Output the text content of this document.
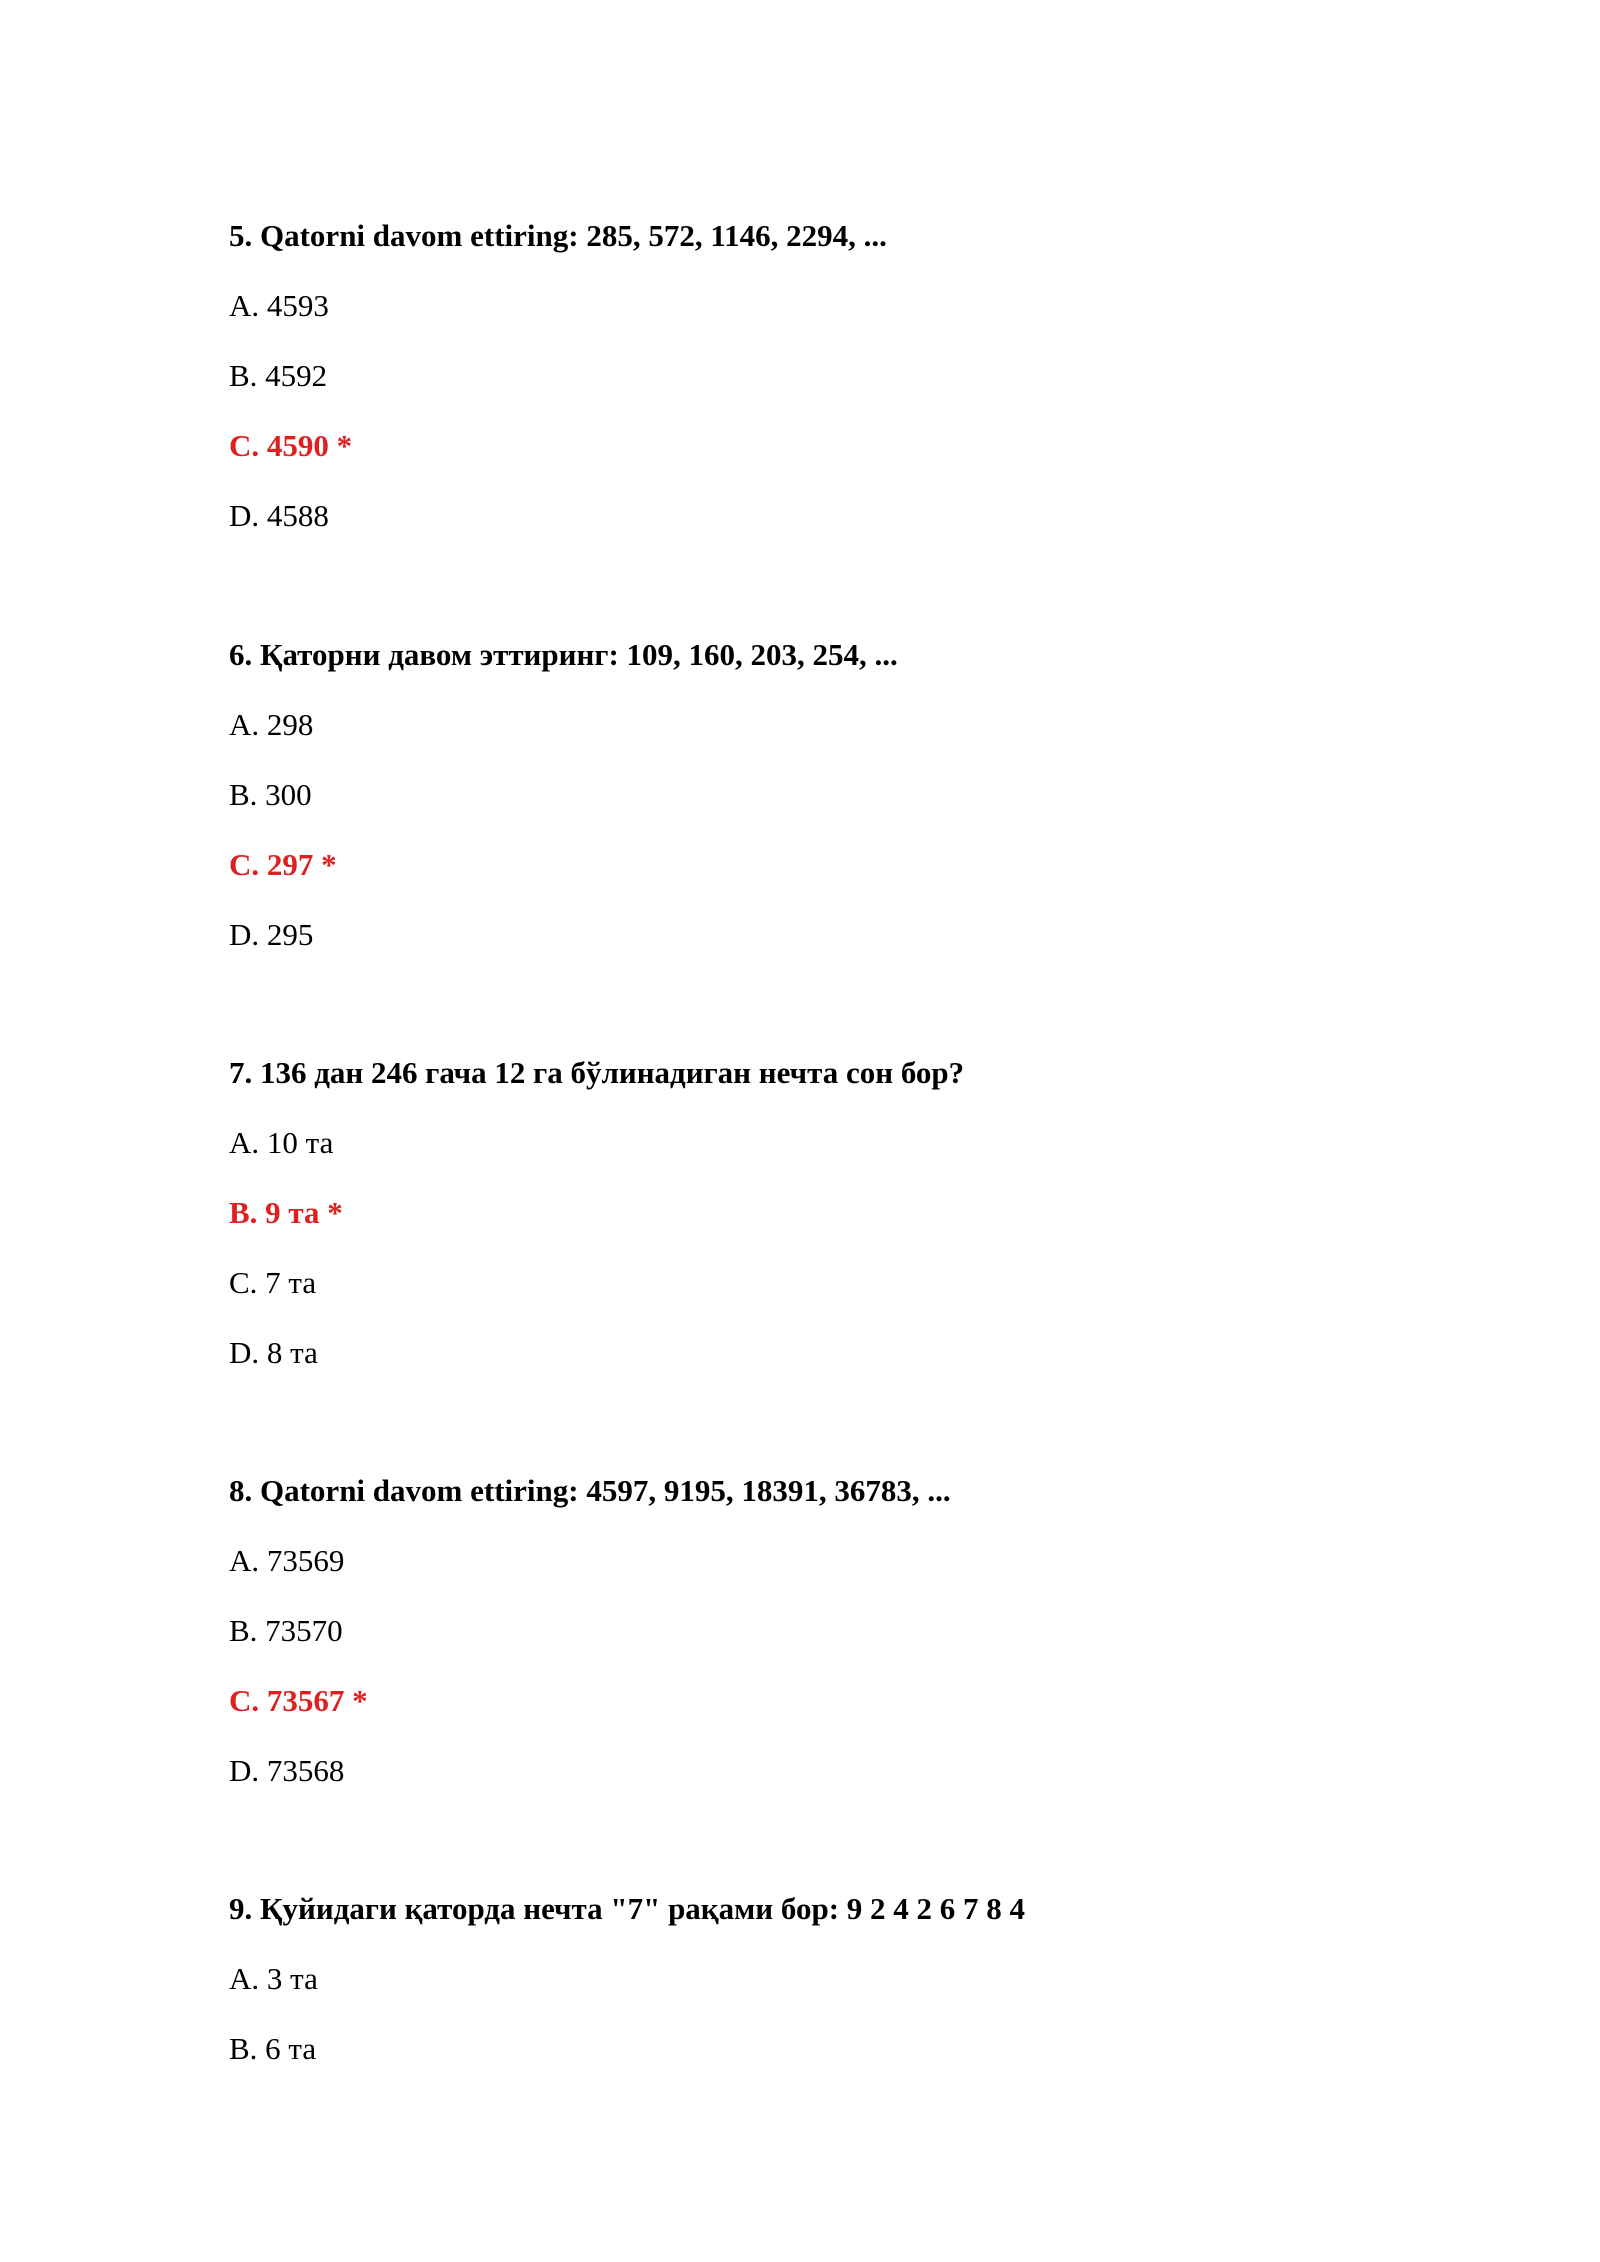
5. Qatorni davom ettiring: 285, 572, 1146, 2294, ...

A. 4593

B. 4592

C. 4590 *

D. 4588

6. Қаторни давом эттиринг: 109, 160, 203, 254, ...

A. 298

B. 300

C. 297 *

D. 295

7. 136 дан 246 гача 12 га бўлинадиган нечта сон бор?

A. 10 та

B. 9 та *

C. 7 та

D. 8 та

8. Qatorni davom ettiring: 4597, 9195, 18391, 36783, ...

A. 73569

B. 73570

C. 73567 *

D. 73568

9. Қуйидаги қаторда нечта "7" рақами бор: 9 2 4 2 6 7 8 4

A. 3 та

B. 6 та
